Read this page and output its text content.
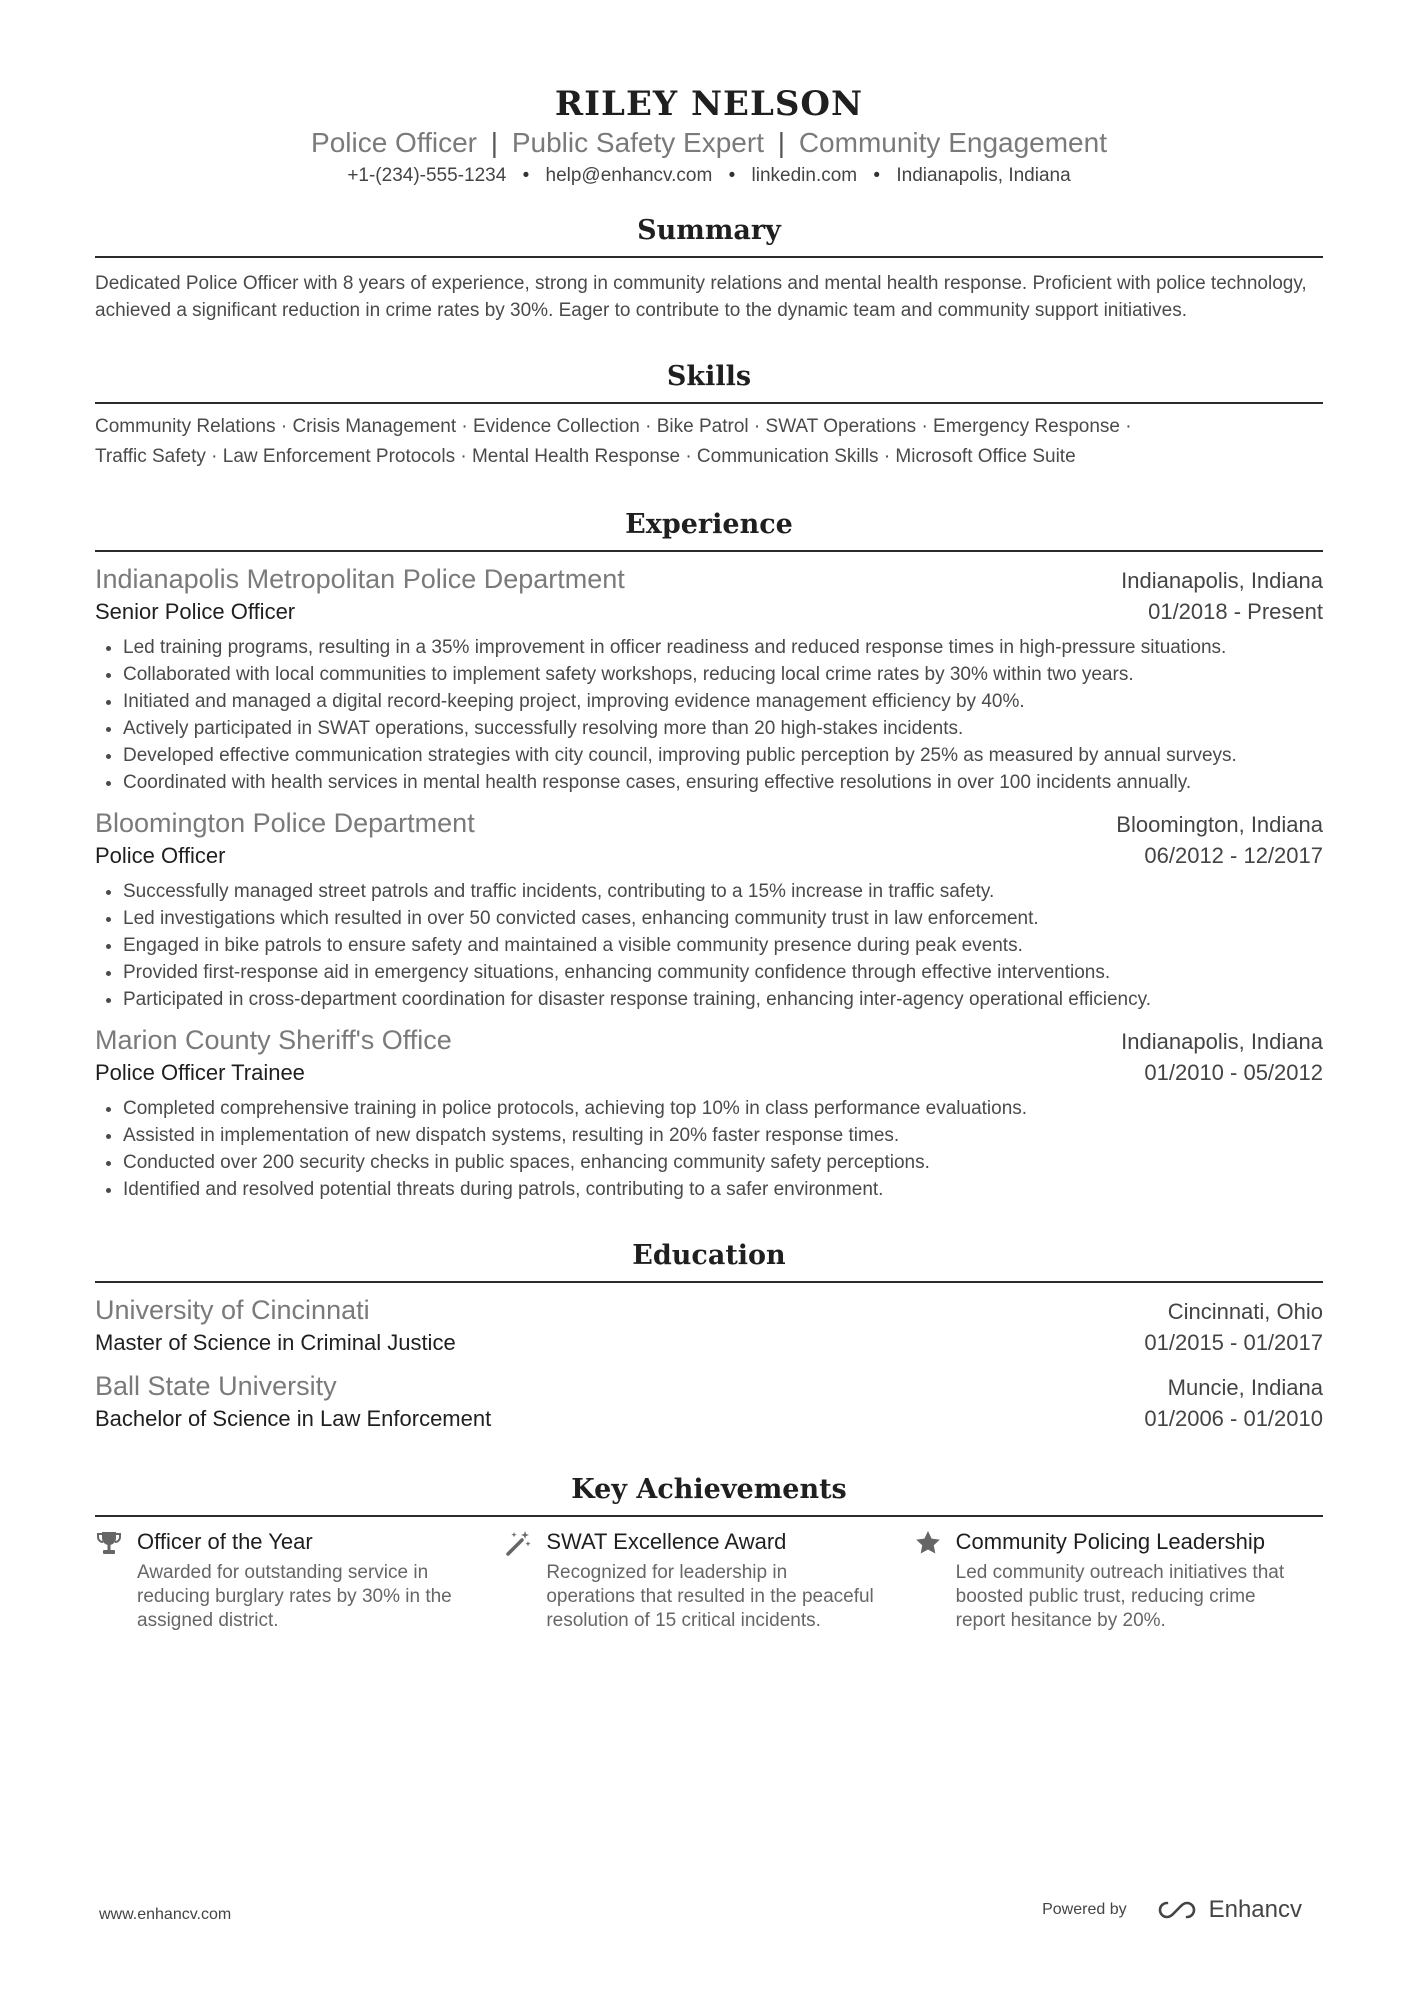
RILEY NELSON
Police Officer | Public Safety Expert | Community Engagement
+1-(234)-555-1234 • help@enhancv.com • linkedin.com • Indianapolis, Indiana
Summary
Dedicated Police Officer with 8 years of experience, strong in community relations and mental health response. Proficient with police technology, achieved a significant reduction in crime rates by 30%. Eager to contribute to the dynamic team and community support initiatives.
Skills
Community Relations · Crisis Management · Evidence Collection · Bike Patrol · SWAT Operations · Emergency Response ·
Traffic Safety · Law Enforcement Protocols · Mental Health Response · Communication Skills · Microsoft Office Suite
Experience
Indianapolis Metropolitan Police Department	Indianapolis, Indiana
Senior Police Officer	01/2018 - Present
• Led training programs, resulting in a 35% improvement in officer readiness and reduced response times in high-pressure situations.
• Collaborated with local communities to implement safety workshops, reducing local crime rates by 30% within two years.
• Initiated and managed a digital record-keeping project, improving evidence management efficiency by 40%.
• Actively participated in SWAT operations, successfully resolving more than 20 high-stakes incidents.
• Developed effective communication strategies with city council, improving public perception by 25% as measured by annual surveys.
• Coordinated with health services in mental health response cases, ensuring effective resolutions in over 100 incidents annually.
Bloomington Police Department	Bloomington, Indiana
Police Officer	06/2012 - 12/2017
• Successfully managed street patrols and traffic incidents, contributing to a 15% increase in traffic safety.
• Led investigations which resulted in over 50 convicted cases, enhancing community trust in law enforcement.
• Engaged in bike patrols to ensure safety and maintained a visible community presence during peak events.
• Provided first-response aid in emergency situations, enhancing community confidence through effective interventions.
• Participated in cross-department coordination for disaster response training, enhancing inter-agency operational efficiency.
Marion County Sheriff's Office	Indianapolis, Indiana
Police Officer Trainee	01/2010 - 05/2012
• Completed comprehensive training in police protocols, achieving top 10% in class performance evaluations.
• Assisted in implementation of new dispatch systems, resulting in 20% faster response times.
• Conducted over 200 security checks in public spaces, enhancing community safety perceptions.
• Identified and resolved potential threats during patrols, contributing to a safer environment.
Education
University of Cincinnati	Cincinnati, Ohio
Master of Science in Criminal Justice	01/2015 - 01/2017
Ball State University	Muncie, Indiana
Bachelor of Science in Law Enforcement	01/2006 - 01/2010
Key Achievements
Officer of the Year
Awarded for outstanding service in reducing burglary rates by 30% in the assigned district.
SWAT Excellence Award
Recognized for leadership in operations that resulted in the peaceful resolution of 15 critical incidents.
Community Policing Leadership
Led community outreach initiatives that boosted public trust, reducing crime report hesitance by 20%.
www.enhancv.com	Powered by	Enhancv
